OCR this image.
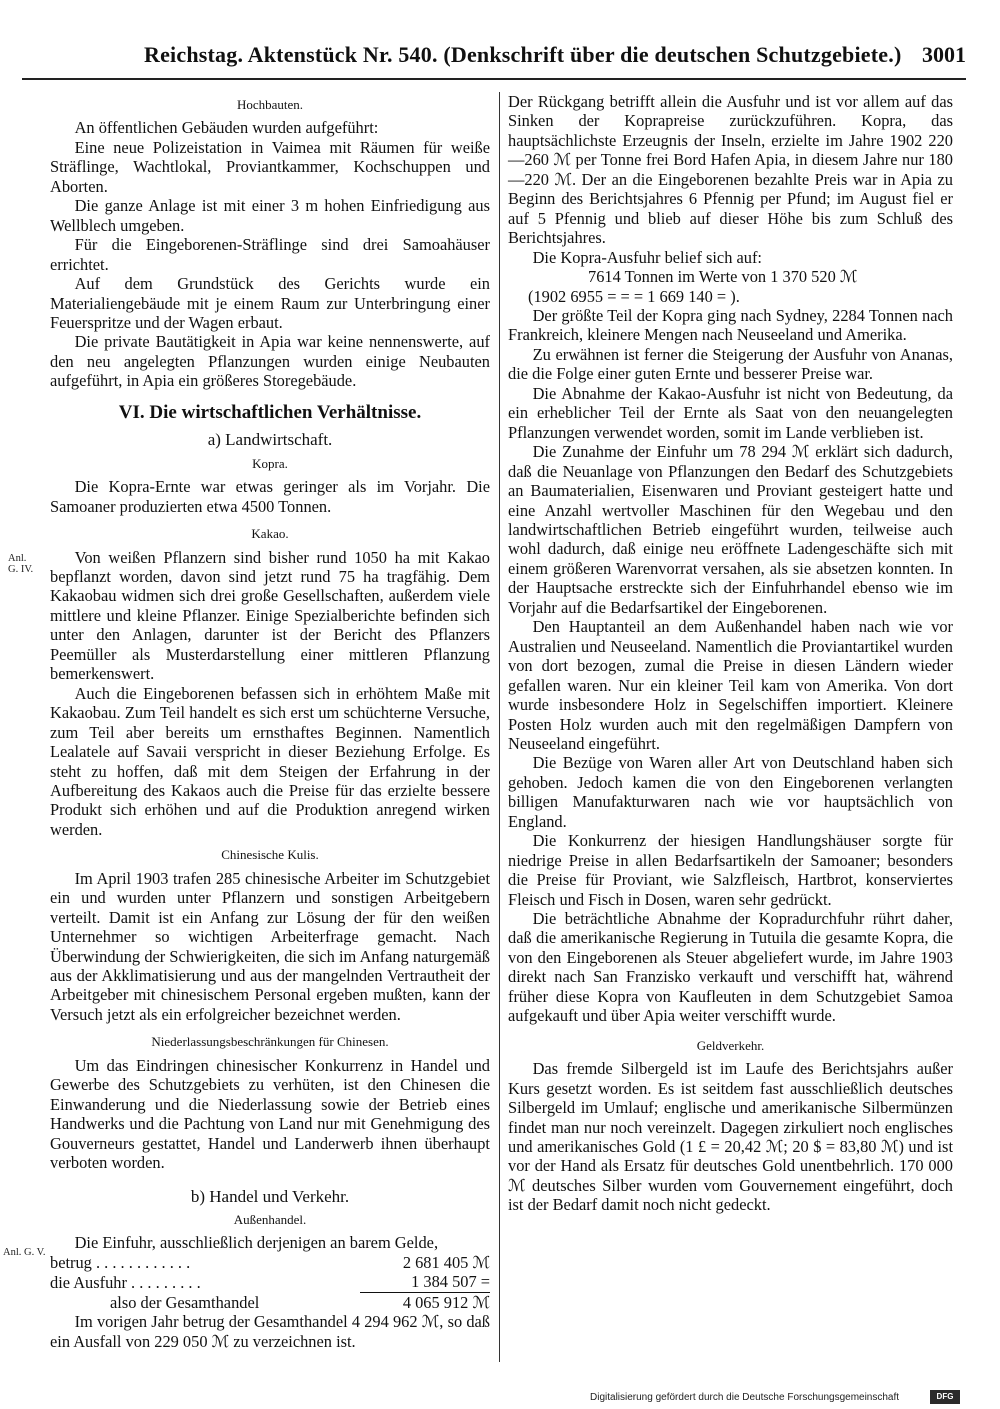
Reichstag. Aktenstück Nr. 540. (Denkschrift über die deutschen Schutzgebiete.) 3001
Anl.
G. IV.
Anl. G. V.
Hochbauten.

An öffentlichen Gebäuden wurden aufgeführt:

Eine neue Polizeistation in Vaimea mit Räumen für weiße Sträflinge, Wachtlokal, Proviantkammer, Kochschuppen und Aborten.

Die ganze Anlage ist mit einer 3 m hohen Einfriedigung aus Wellblech umgeben.

Für die Eingeborenen-Sträflinge sind drei Samoahäuser errichtet.

Auf dem Grundstück des Gerichts wurde ein Materialiengebäude mit je einem Raum zur Unterbringung einer Feuerspritze und der Wagen erbaut.

Die private Bautätigkeit in Apia war keine nennenswerte, auf den neu angelegten Pflanzungen wurden einige Neubauten aufgeführt, in Apia ein größeres Storegebäude.

VI. Die wirtschaftlichen Verhältnisse.
a) Landwirtschaft.
Kopra.

Die Kopra-Ernte war etwas geringer als im Vorjahr. Die Samoaner produzierten etwa 4500 Tonnen.

Kakao.

Von weißen Pflanzern sind bisher rund 1050 ha mit Kakao bepflanzt worden, davon sind jetzt rund 75 ha tragfähig. Dem Kakaobau widmen sich drei große Gesellschaften, außerdem viele mittlere und kleine Pflanzer. Einige Spezialberichte befinden sich unter den Anlagen, darunter ist der Bericht des Pflanzers Peemüller als Musterdarstellung einer mittleren Pflanzung bemerkenswert.

Auch die Eingeborenen befassen sich in erhöhtem Maße mit Kakaobau. Zum Teil handelt es sich erst um schüchterne Versuche, zum Teil aber bereits um ernsthaftes Beginnen. Namentlich Lealatele auf Savaii verspricht in dieser Beziehung Erfolge. Es steht zu hoffen, daß mit dem Steigen der Erfahrung in der Aufbereitung des Kakaos auch die Preise für das erzielte bessere Produkt sich erhöhen und auf die Produktion anregend wirken werden.

Chinesische Kulis.

Im April 1903 trafen 285 chinesische Arbeiter im Schutzgebiet ein und wurden unter Pflanzern und sonstigen Arbeitgebern verteilt. Damit ist ein Anfang zur Lösung der für den weißen Unternehmer so wichtigen Arbeiterfrage gemacht. Nach Überwindung der Schwierigkeiten, die sich im Anfang naturgemäß aus der Akklimatisierung und aus der mangelnden Vertrautheit der Arbeitgeber mit chinesischem Personal ergeben mußten, kann der Versuch jetzt als ein erfolgreicher bezeichnet werden.

Niederlassungsbeschränkungen für Chinesen.

Um das Eindringen chinesischer Konkurrenz in Handel und Gewerbe des Schutzgebiets zu verhüten, ist den Chinesen die Einwanderung und die Niederlassung sowie der Betrieb eines Handwerks und die Pachtung von Land nur mit Genehmigung des Gouverneurs gestattet, Handel und Landerwerb ihnen überhaupt verboten worden.

b) Handel und Verkehr.
Außenhandel.

Die Einfuhr, ausschließlich derjenigen an barem Gelde,

betrug . . . . . . . . . . . .	2 681 405 ℳ
die Ausfuhr . . . . . . . . .	1 384 507 =
also der Gesamthandel	4 065 912 ℳ

Im vorigen Jahr betrug der Gesamthandel 4 294 962 ℳ, so daß ein Ausfall von 229 050 ℳ zu verzeichnen ist.

Der Rückgang betrifft allein die Ausfuhr und ist vor allem auf das Sinken der Koprapreise zurückzuführen. Kopra, das hauptsächlichste Erzeugnis der Inseln, erzielte im Jahre 1902 220—260 ℳ per Tonne frei Bord Hafen Apia, in diesem Jahre nur 180—220 ℳ. Der an die Eingeborenen bezahlte Preis war in Apia zu Beginn des Berichtsjahres 6 Pfennig per Pfund; im August fiel er auf 5 Pfennig und blieb auf dieser Höhe bis zum Schluß des Berichtsjahres.

Die Kopra-Ausfuhr belief sich auf:

7614 Tonnen im Werte von 1 370 520 ℳ
(1902 6955 = = = 1 669 140 = ).

Der größte Teil der Kopra ging nach Sydney, 2284 Tonnen nach Frankreich, kleinere Mengen nach Neuseeland und Amerika.

Zu erwähnen ist ferner die Steigerung der Ausfuhr von Ananas, die die Folge einer guten Ernte und besserer Preise war.

Die Abnahme der Kakao-Ausfuhr ist nicht von Bedeutung, da ein erheblicher Teil der Ernte als Saat von den neuangelegten Pflanzungen verwendet worden, somit im Lande verblieben ist.

Die Zunahme der Einfuhr um 78 294 ℳ erklärt sich dadurch, daß die Neuanlage von Pflanzungen den Bedarf des Schutzgebiets an Baumaterialien, Eisenwaren und Proviant gesteigert hatte und eine Anzahl wertvoller Maschinen für den Wegebau und den landwirtschaftlichen Betrieb eingeführt wurden, teilweise auch wohl dadurch, daß einige neu eröffnete Ladengeschäfte sich mit einem größeren Warenvorrat versahen, als sie absetzen konnten. In der Hauptsache erstreckte sich der Einfuhrhandel ebenso wie im Vorjahr auf die Bedarfsartikel der Eingeborenen.

Den Hauptanteil an dem Außenhandel haben nach wie vor Australien und Neuseeland. Namentlich die Proviantartikel wurden von dort bezogen, zumal die Preise in diesen Ländern wieder gefallen waren. Nur ein kleiner Teil kam von Amerika. Von dort wurde insbesondere Holz in Segelschiffen importiert. Kleinere Posten Holz wurden auch mit den regelmäßigen Dampfern von Neuseeland eingeführt.

Die Bezüge von Waren aller Art von Deutschland haben sich gehoben. Jedoch kamen die von den Eingeborenen verlangten billigen Manufakturwaren nach wie vor hauptsächlich von England.

Die Konkurrenz der hiesigen Handlungshäuser sorgte für niedrige Preise in allen Bedarfsartikeln der Samoaner; besonders die Preise für Proviant, wie Salzfleisch, Hartbrot, konserviertes Fleisch und Fisch in Dosen, waren sehr gedrückt.

Die beträchtliche Abnahme der Kopradurchfuhr rührt daher, daß die amerikanische Regierung in Tutuila die gesamte Kopra, die von den Eingeborenen als Steuer abgeliefert wurde, im Jahre 1903 direkt nach San Franzisko verkauft und verschifft hat, während früher diese Kopra von Kaufleuten in dem Schutzgebiet Samoa aufgekauft und über Apia weiter verschifft wurde.

Geldverkehr.

Das fremde Silbergeld ist im Laufe des Berichtsjahrs außer Kurs gesetzt worden. Es ist seitdem fast ausschließlich deutsches Silbergeld im Umlauf; englische und amerikanische Silbermünzen findet man nur noch vereinzelt. Dagegen zirkuliert noch englisches und amerikanisches Gold (1 £ = 20,42 ℳ; 20 $ = 83,80 ℳ) und ist vor der Hand als Ersatz für deutsches Gold unentbehrlich. 170 000 ℳ deutsches Silber wurden vom Gouvernement eingeführt, doch ist der Bedarf damit noch nicht gedeckt.

Digitalisierung gefördert durch die Deutsche Forschungsgemeinschaft	DFG
